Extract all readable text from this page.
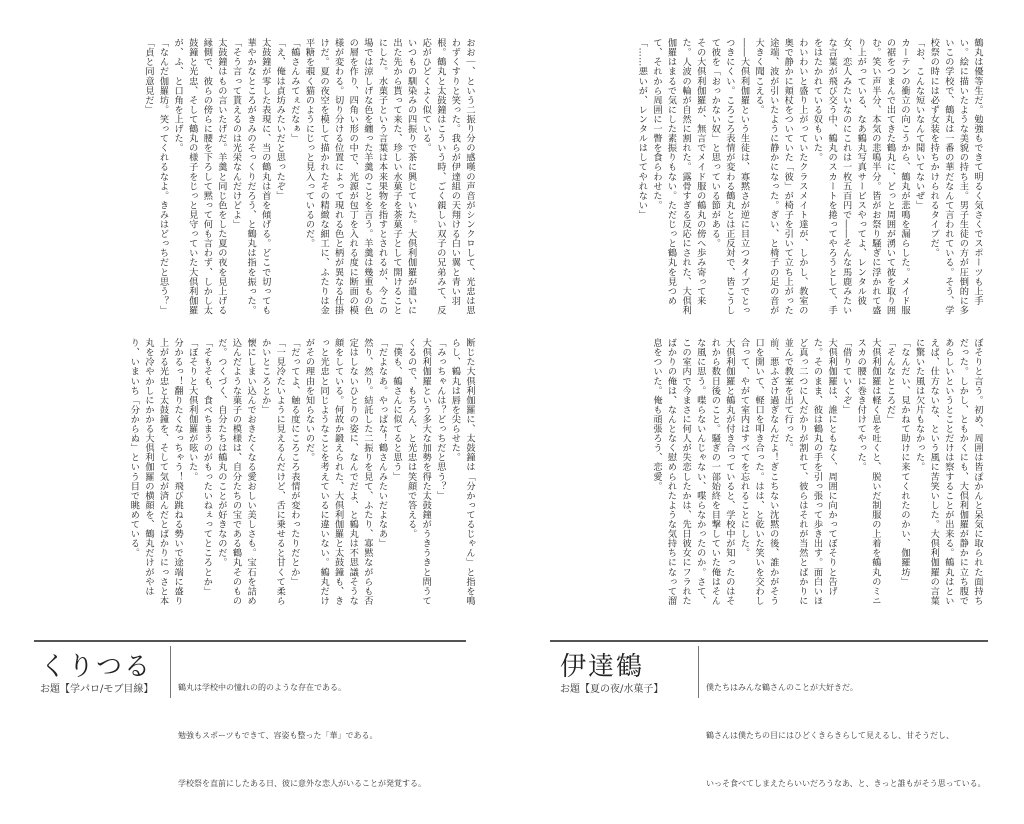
おお｜、という二振り分の感嘆の声音がシンクロして、光忠は思わずくすりと笑った。我らが伊達組の天翔ける白い翼と青い羽根。鶴丸と太鼓鐘はこういう時、ごく親しい双子の兄弟みて、反応がひどくよく似ている。
いつもの馴染みの四振りで茶に興じていた。大倶利伽羅が遣いに出た先から貰って来た、珍しい水菓子を茶菓子として開けることにした。水菓子という言葉は本来果物を指すとされるが、今この場では涼しげな色を纏った羊羹のことを言う。羊羹は幾重もの色の層を作り、四角い形の中で、光源が包丁を入れる度に断面の模様が変わる。切り分ける位置によって現れる色と柄が異なる仕掛けだ。夏の夜空を模して描かれたその精緻な細工に、ふたりは金平糖を覗く猫のようにじっと見入っているのだ。
「鶴さんみてぇだなぁ」
「え、俺は貞坊みたいだと思ったぞ」
太鼓鐘が零した表現に、当の鶴丸は首を傾げる。どこで切っても華やかなところがきみのそっくりだろう、と鶴丸は指を振った。
「そう言って貰えるのは光栄なんだけどよ」
太鼓鐘はもの言いたげだ。羊羹と同じ色をした夏の夜を見上げる縁側で、彼らの傍らに腰を下ろして黙って何も言わず、しかし太鼓鐘と光忠、そして鶴丸の様子をじっと見守っていた大倶利伽羅が、ふ、と口角を上げた。
「なんだ伽羅坊。笑ってくれるなよ。きみはどっちだと思う？」
「貞と同意見だ」
断じた大倶利伽羅に、太鼓鐘は「分かってるじゃん」と指を鳴らし、鶴丸は唇を尖らせた。
「みっちゃんは？どっちだと思う？」
大倶利伽羅という多大な加勢を得た太鼓鐘がうきうきと問うてくるので、もちろん、と光忠は笑顔で答える。
「僕も、鶴さんに似てると思う」
「だよなあ。やっぱな！鶴さんみたいだよなあ」
然り、然り。結託した二振りを見て、ふたり、寡黙ながらも否定はしないひとりの姿に、なんでだよ、と鶴丸は不思議そうな顔をしている。何故か鍛えられた、大倶利伽羅と太鼓鐘も、きっと光忠と同じようなことを考えているに違いない。鶴丸だけがその理由を知らないのだ。
「だってよ、触る度にころころ表情が変わったりだとか」
「一見冷たいように見えるんだけど、舌に乗せると甘くて柔らかいところとか」
懐にしまい込んでおきたくなる愛おしい美しさも。宝石を詰め込んだような菓子の模様は、自分たちの宝である鶴丸そのものだ。つくづく、自分たちは鶴丸のことが好きなのだ。
「そもそも、食べちまうのがもったいねぇってところとか」
「ぼそりと大倶利伽羅が呟いた。
分かるっ！翻りたくなっちゃう！飛び跳ねる勢いで途端に盛り上がる光忠と太鼓鐘を、そして気が済んだとばかりにっさと本丸を冷やかしにかかる大倶利伽羅の横顔を、鶴丸だけがやはり、いまいち「分からぬ」という目で眺めている。
くりつる
お題【学パロ/モブ目線】

	鶴丸は学校中の憧れの的のような存在である。

勉強もスポーツもできて、容姿も整った「華」である。

学校祭を直前にしたある日、彼に意外な恋人がいることが発覚する。

鶴丸は優等生だ。勉強もできて明るく気さくでスポーツも上手い。絵に描いたような美貌の持ち主。男子生徒の方が圧倒的に多いこの学校で、鶴丸は一番の華だなんて言われている。そう、学校祭の時には必ず女装を持ちかけられるタイプだ。
「お、こんな短いなんて聞いてないぜ」
カーテンの衝立の向こうから、鶴丸が悲鳴を漏らした。メイド服の裾をつまんで出てきた鶴丸に、どっと周囲が湧いて彼を取り囲む。笑い声半分、本気の悲鳴半分。皆がお祭り騒ぎに浮かれて盛り上がっている、なあ鶴丸写真サービスやってよ、レンタル彼女、恋人みたいなのにこれは一枚五百円で――そんな馬鹿みたいな言葉が飛び交う中、鶴丸のスカートを捲ってやろうとして、手をはたかれている奴もいた。
わいわいと盛り上がっていたクラスメイト達が、しかし、教室の奥で静かに頬杖をついていた「彼」が椅子を引いて立ち上がった途端、波が引いたように静かになった。ぎい、と椅子の足の音が大きく聞こえる。
――大倶利伽羅という生徒は、寡黙さが逆に目立つタイプでとっつきにくい。ころころ表情が変わる鶴丸とは正反対で、皆こうして彼を「おっかない奴」と思っている節がある。
その大倶利伽羅が、無言でメイド服の鶴丸の傍へ歩み寄って来た。人波の輪が自然に割れた。露骨すぎる反応にされた、大倶利伽羅はまるで気にした素振りもない。ただじっと鶴丸を見つめて、それから周囲に一瞥を食らわせた。
「……悪いが、レンタルはしてやれない」
ぼそりと言う。初め、周囲は皆ぽかんと呆気に取られた面持ちだった。しかし、ともかくにも、大倶利伽羅が静かに立ち腹であらしいというとことだけは察することが出来る。鶴丸はといえば、仕方ないな、という風に苦笑いした。大倶利伽羅の言葉に驚いた風は欠片もなかった。
「なんだい、見かねて助けに来てくれたのかい、伽羅坊」
「そんなところだ」
大倶利伽羅は軽く息を吐くと、脱いだ制服の上着を鶴丸のミニスカの腰に巻き付けてやった。
「借りていくぞ」
大倶利伽羅は、誰にともなく、周囲に向かってぼそりと告げた。そのまま、彼は鶴丸の手を引っ張って歩き出す。面白いほど真っ二つに人だかりが割れて、彼らはそれが当然とばかりに並んで教室を出て行った。
前、悪ふざけ過ぎなんだよ！ぎこちない沈黙の後、誰かがそう口を開いて、軽口を叩き合った。はは、と乾いた笑いを交わし合って、やがて室内はすべてを忘れることにした。
大倶利伽羅と鶴丸が付き合っていると、学校中が知ったのはそれから数日後のこと。騒ぎの一部始終を目撃していた俺はそんな風に思う。喋らないんじゃない、喋らなかったのか。さて、この室内で今まさに何人が失恋したかは、先日彼女にフラれたばかりの俺は、なんとなく慰められたような気持ちになって溜息をついた。俺も頑張ろう、恋愛。
伊達鶴
お題【夏の夜/水菓子】

	僕たちはみんな鶴さんのことが大好きだ。

鶴さんは僕たちの目にはひどくきらきらして見えるし、甘そうだし、

いっそ食べてしまえたらいいだろうなあ、と、きっと誰もがそう思っている。
